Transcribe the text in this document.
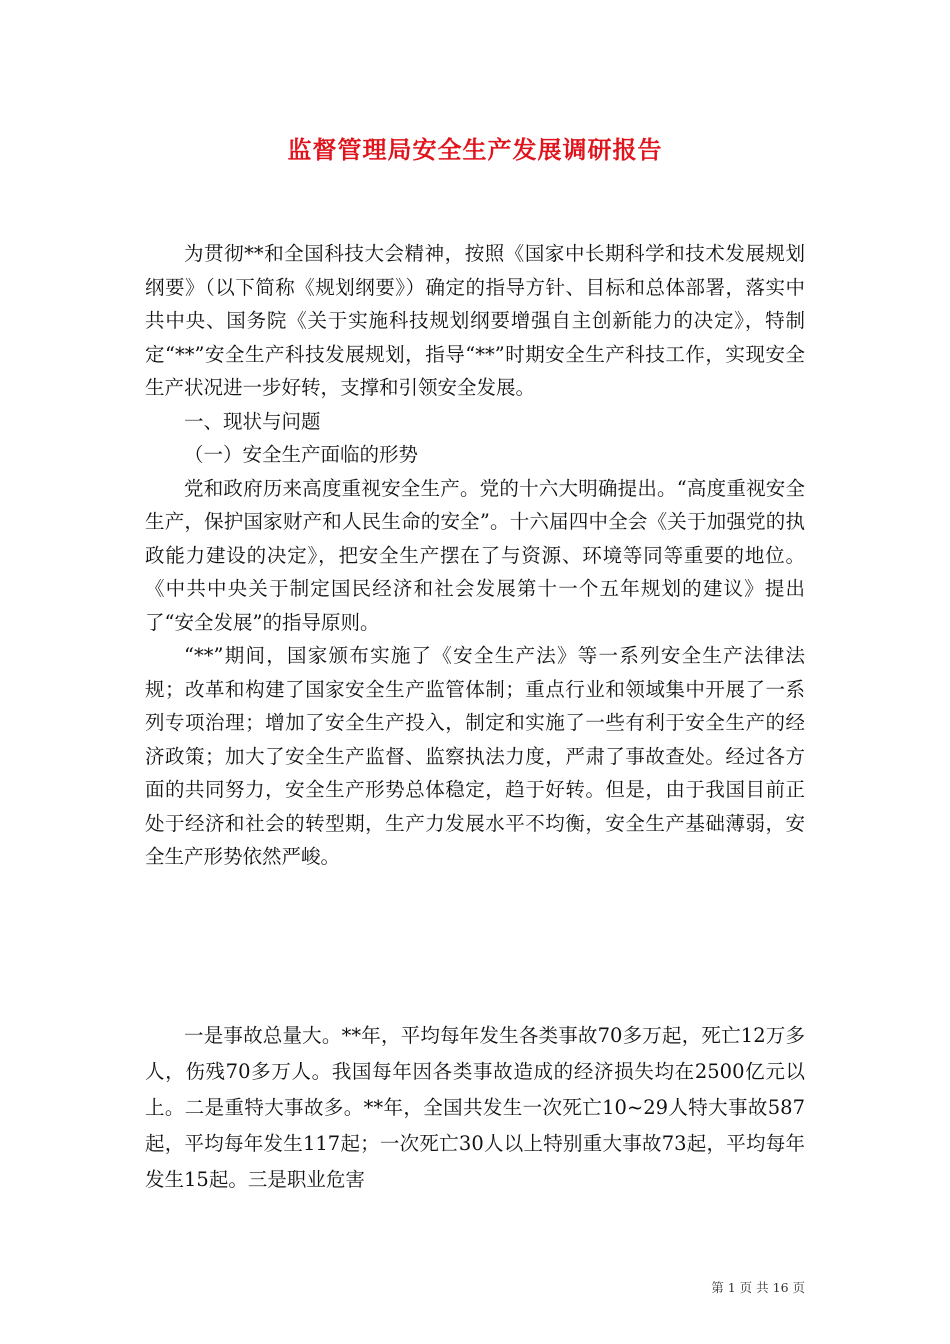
监督管理局安全生产发展调研报告

为贯彻**和全国科技大会精神，按照《国家中长期科学和技术发展规划纲要》（以下简称《规划纲要》）确定的指导方针、目标和总体部署，落实中共中央、国务院《关于实施科技规划纲要增强自主创新能力的决定》，特制定“**”安全生产科技发展规划，指导“**”时期安全生产科技工作，实现安全生产状况进一步好转，支撑和引领安全发展。

一、现状与问题

（一）安全生产面临的形势

党和政府历来高度重视安全生产。党的十六大明确提出。“高度重视安全生产，保护国家财产和人民生命的安全”。十六届四中全会《关于加强党的执政能力建设的决定》，把安全生产摆在了与资源、环境等同等重要的地位。《中共中央关于制定国民经济和社会发展第十一个五年规划的建议》提出了“安全发展”的指导原则。

“**”期间，国家颁布实施了《安全生产法》等一系列安全生产法律法规；改革和构建了国家安全生产监管体制；重点行业和领域集中开展了一系列专项治理；增加了安全生产投入，制定和实施了一些有利于安全生产的经济政策；加大了安全生产监督、监察执法力度，严肃了事故查处。经过各方面的共同努力，安全生产形势总体稳定，趋于好转。但是，由于我国目前正处于经济和社会的转型期，生产力发展水平不均衡，安全生产基础薄弱，安全生产形势依然严峻。

一是事故总量大。**年，平均每年发生各类事故70多万起，死亡12万多人，伤残70多万人。我国每年因各类事故造成的经济损失均在2500亿元以上。二是重特大事故多。**年，全国共发生一次死亡10~29人特大事故587起，平均每年发生117起；一次死亡30人以上特别重大事故73起，平均每年发生15起。三是职业危害

第 1 页 共 16 页
